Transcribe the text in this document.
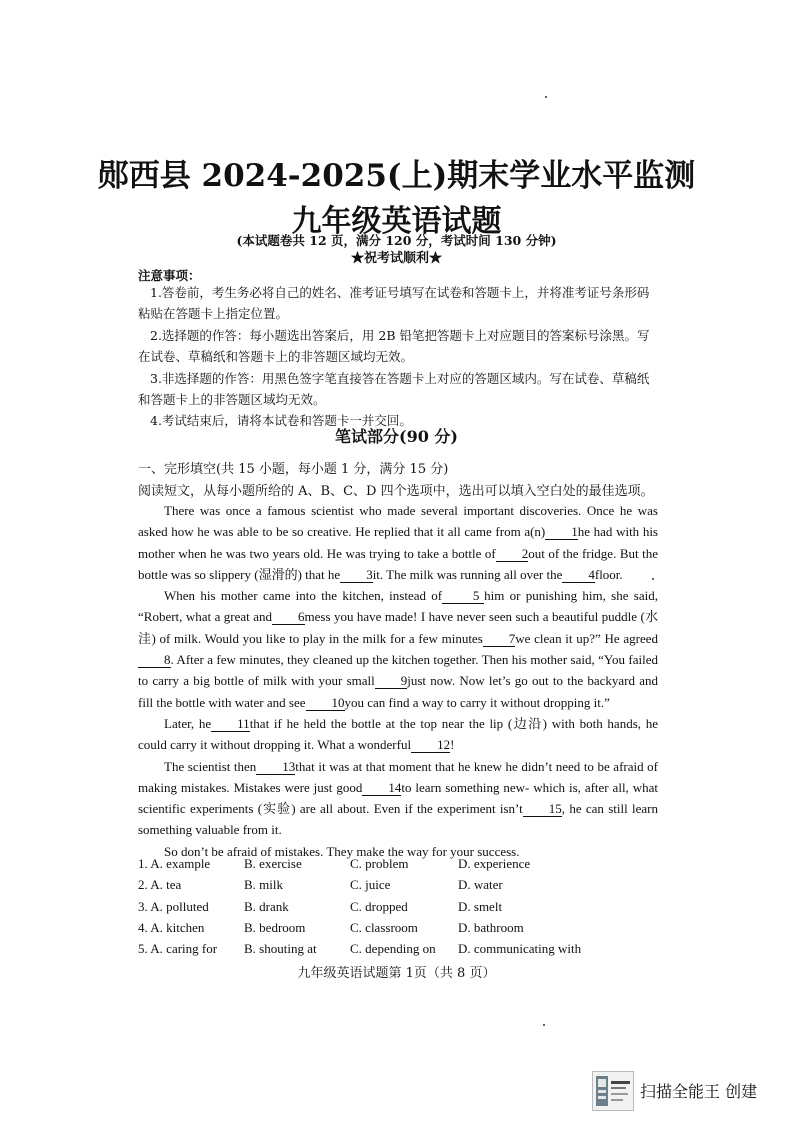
郧西县 2024-2025(上)期末学业水平监测
九年级英语试题
(本试题卷共 12 页，满分 120 分，考试时间 130 分钟)
★祝考试顺利★
注意事项：

1.答卷前，考生务必将自己的姓名、准考证号填写在试卷和答题卡上，并将准考证号条形码粘贴在答题卡上指定位置。

2.选择题的作答：每小题选出答案后，用 2B 铅笔把答题卡上对应题目的答案标号涂黑。写在试卷、草稿纸和答题卡上的非答题区域均无效。

3.非选择题的作答：用黑色签字笔直接答在答题卡上对应的答题区域内。写在试卷、草稿纸和答题卡上的非答题区域均无效。

4.考试结束后，请将本试卷和答题卡一并交回。

笔试部分(90 分)
一、完形填空(共 15 小题，每小题 1 分，满分 15 分)
阅读短文，从每小题所给的 A、B、C、D 四个选项中，选出可以填入空白处的最佳选项。

There was once a famous scientist who made several important discoveries. Once he was asked how he was able to be so creative. He replied that it all came from a(n) 1he had with his mother when he was two years old. He was trying to take a bottle of 2out of the fridge. But the bottle was so slippery (湿滑的) that he 3it. The milk was running all over the 4floor.

When his mother came into the kitchen, instead of 5 him or punishing him, she said, “Robert, what a great and 6mess you have made! I have never seen such a beautiful puddle (水洼) of milk. Would you like to play in the milk for a few minutes 7we clean it up?” He agreed8. After a few minutes, they cleaned up the kitchen together. Then his mother said, “You failed to carry a big bottle of milk with your small 9just now. Now let’s go out to the backyard and fill the bottle with water and see 10you can find a way to carry it without dropping it.”

Later, he 11that if he held the bottle at the top near the lip (边沿) with both hands, he could carry it without dropping it. What a wonderful 12!

The scientist then 13that it was at that moment that he knew he didn’t need to be afraid of making mistakes. Mistakes were just good 14to learn something new- which is, after all, what scientific experiments (实验) are all about. Even if the experiment isn’t 15, he can still learn something valuable from it.

So don’t be afraid of mistakes. They make the way for your success.

1. A. example	B. exercise	C. problem	D. experience
2. A. tea	B. milk	C. juice	D. water
3. A. polluted	B. drank	C. dropped	D. smelt
4. A. kitchen	B. bedroom	C. classroom	D. bathroom
5. A. caring for B. shouting at	C. depending on D. communicating with
九年级英语试题第 1页（共 8 页）
扫描全能王 创建
